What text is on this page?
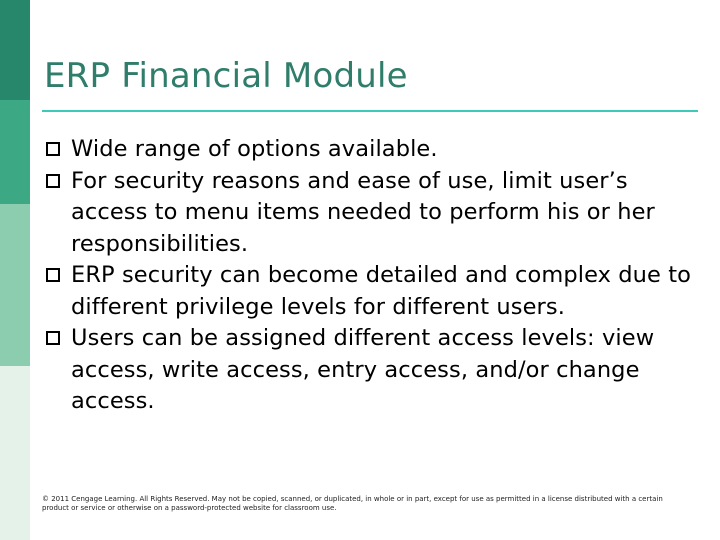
ERP Financial Module
Wide range of options available.
For security reasons and ease of use, limit user’s access to menu items needed to perform his or her responsibilities.
ERP security can become detailed and complex due to different privilege levels for different users.
Users can be assigned different access levels: view access, write access, entry access, and/or change access.
© 2011 Cengage Learning. All Rights Reserved. May not be copied, scanned, or duplicated, in whole or in part, except for use as permitted in a license distributed with a certain product or service or otherwise on a password-protected website for classroom use.
